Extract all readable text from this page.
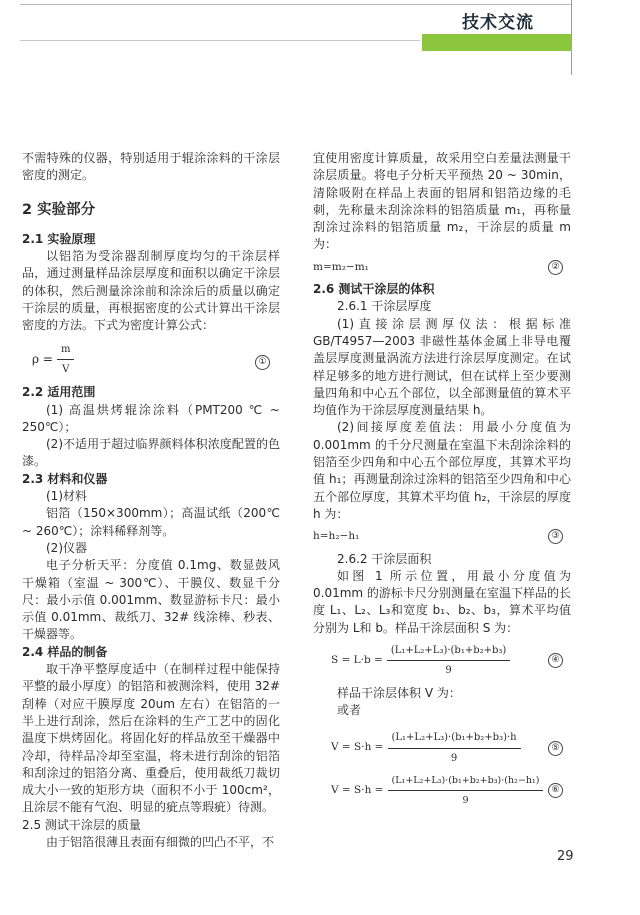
技术交流

不需特殊的仪器，特别适用于辊涂涂料的干涂层密度的测定。

2 实验部分

2.1 实验原理

以铝箔为受涂器刮制厚度均匀的干涂层样品，通过测量样品涂层厚度和面积以确定干涂层的体积，然后测量涂涂前和涂涂后的质量以确定干涂层的质量，再根据密度的公式计算出干涂层密度的方法。下式为密度计算公式：

$\rho = \frac{m}{V}$	①

2.2 适用范围

(1) 高温烘烤辊涂涂料（PMT200 ℃ ~ 250℃）；

(2)不适用于超过临界颜料体积浓度配置的色漆。

2.3 材料和仪器

(1)材料

铝箔（150×300mm）；高温试纸（200℃ ~ 260℃）；涂料稀释剂等。

(2)仪器

电子分析天平：分度值 0.1mg、数显鼓风干燥箱（室温 ~ 300℃）、干膜仪、数显千分尺：最小示值 0.001mm、数显游标卡尺：最小示值 0.01mm、裁纸刀、32# 线涂棒、秒表、干燥器等。

2.4 样品的制备

取干净平整厚度适中（在制样过程中能保持平整的最小厚度）的铝箔和被测涂料，使用 32# 刮棒（对应干膜厚度 20um 左右）在铝箔的一半上进行刮涂，然后在涂料的生产工艺中的固化温度下烘烤固化。将固化好的样品放至干燥器中冷却，待样品冷却至室温，将未进行刮涂的铝箔和刮涂过的铝箔分离、重叠后，使用裁纸刀裁切成大小一致的矩形方块（面积不小于 100cm²，且涂层不能有气泡、明显的疵点等瑕疵）待测。

2.5 测试干涂层的质量

由于铝箔很薄且表面有细微的凹凸不平，不

宜使用密度计算质量，故采用空白差量法测量干涂层质量。将电子分析天平预热 20 ~ 30min，清除吸附在样品上表面的铝屑和铝箔边缘的毛刺，先称量未刮涂涂料的铝箔质量 m₁，再称量刮涂过涂料的铝箔质量 m₂，干涂层的质量 m 为：

m=m₂−m₁	②

2.6 测试干涂层的体积

2.6.1 干涂层厚度

(1)直接涂层测厚仪法：根据标准 GB/T4957—2003 非磁性基体金属上非导电覆盖层厚度测量涡流方法进行涂层厚度测定。在试样足够多的地方进行测试，但在试样上至少要测量四角和中心五个部位，以全部测量值的算术平均值作为干涂层厚度测量结果 h。

(2)间接厚度差值法：用最小分度值为 0.001mm 的千分尺测量在室温下未刮涂涂料的铝箔至少四角和中心五个部位厚度，其算术平均值 h₁；再测量刮涂过涂料的铝箔至少四角和中心五个部位厚度，其算术平均值 h₂，干涂层的厚度 h 为：

h=h₂−h₁	③

2.6.2 干涂层面积

如图 1 所示位置，用最小分度值为 0.01mm 的游标卡尺分别测量在室温下样品的长度 L₁、L₂、L₃和宽度 b₁、b₂、b₃，算术平均值分别为 L和 b。样品干涂层面积 S 为：

$S = L\cdot b = \frac{\text{(L₁+L₂+L₃)·(b₁+b₂+b₃)}}{9}$	④

样品干涂层体积 V 为：

或者

$V = S\cdot h = \frac{\text{(L₁+L₂+L₃)·(b₁+b₂+b₃)·h}}{9}$	⑤
$V = S\cdot h = \frac{\text{(L₁+L₂+L₃)·(b₁+b₂+b₃)·(h₂−h₁)}}{9}$ ⑥
29
